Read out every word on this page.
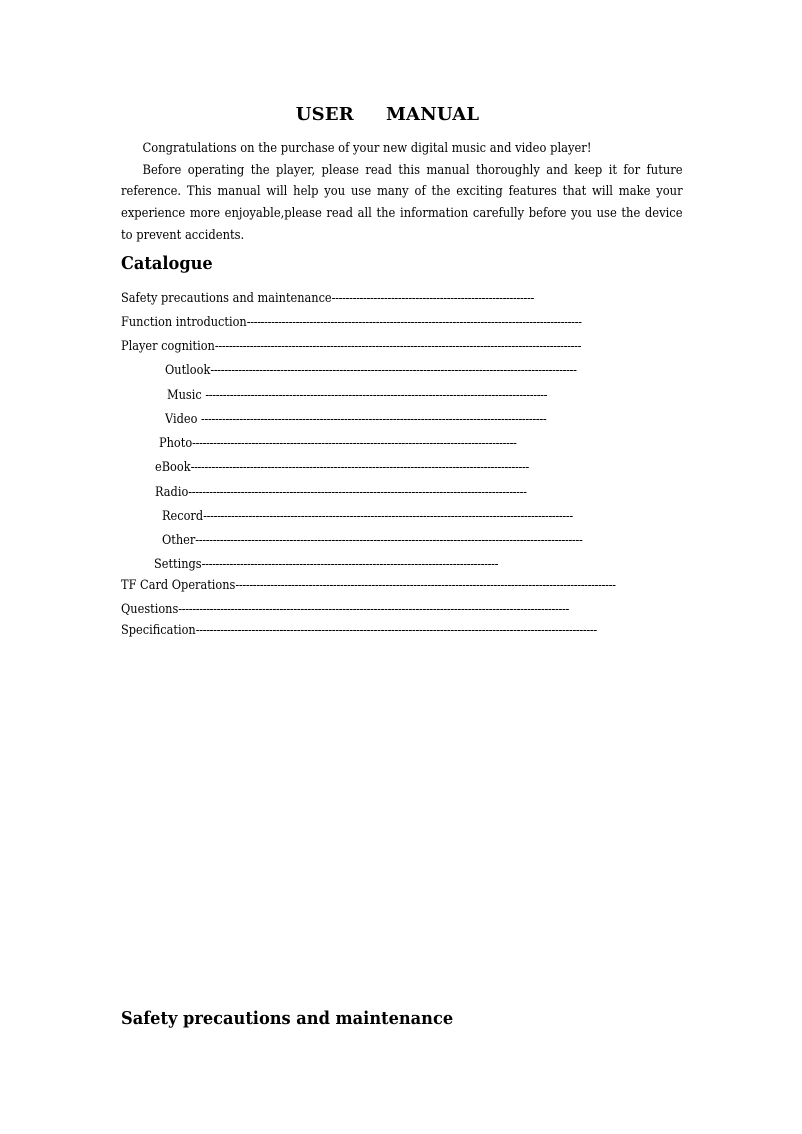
USER MANUAL

Congratulations on the purchase of your new digital music and video player!

Before operating the player, please read this manual thoroughly and keep it for future reference. This manual will help you use many of the exciting features that will make your experience more enjoyable,please read all the information carefully before you use the device to prevent accidents.

Catalogue
Safety precautions and maintenance----------------------------------------------------------
Function introduction------------------------------------------------------------------------------------------------
Player cognition---------------------------------------------------------------------------------------------------------
Outlook---------------------------------------------------------------------------------------------------------
Music --------------------------------------------------------------------------------------------------
Video ---------------------------------------------------------------------------------------------------
Photo---------------------------------------------------------------------------------------------
eBook-------------------------------------------------------------------------------------------------
Radio-------------------------------------------------------------------------------------------------
Record----------------------------------------------------------------------------------------------------------
Other---------------------------------------------------------------------------------------------------------------
Settings-------------------------------------------------------------------------------------
TF Card Operations-------------------------------------------------------------------------------------------------------------
Questions----------------------------------------------------------------------------------------------------------------
Specification-------------------------------------------------------------------------------------------------------------------
Safety precautions and maintenance
